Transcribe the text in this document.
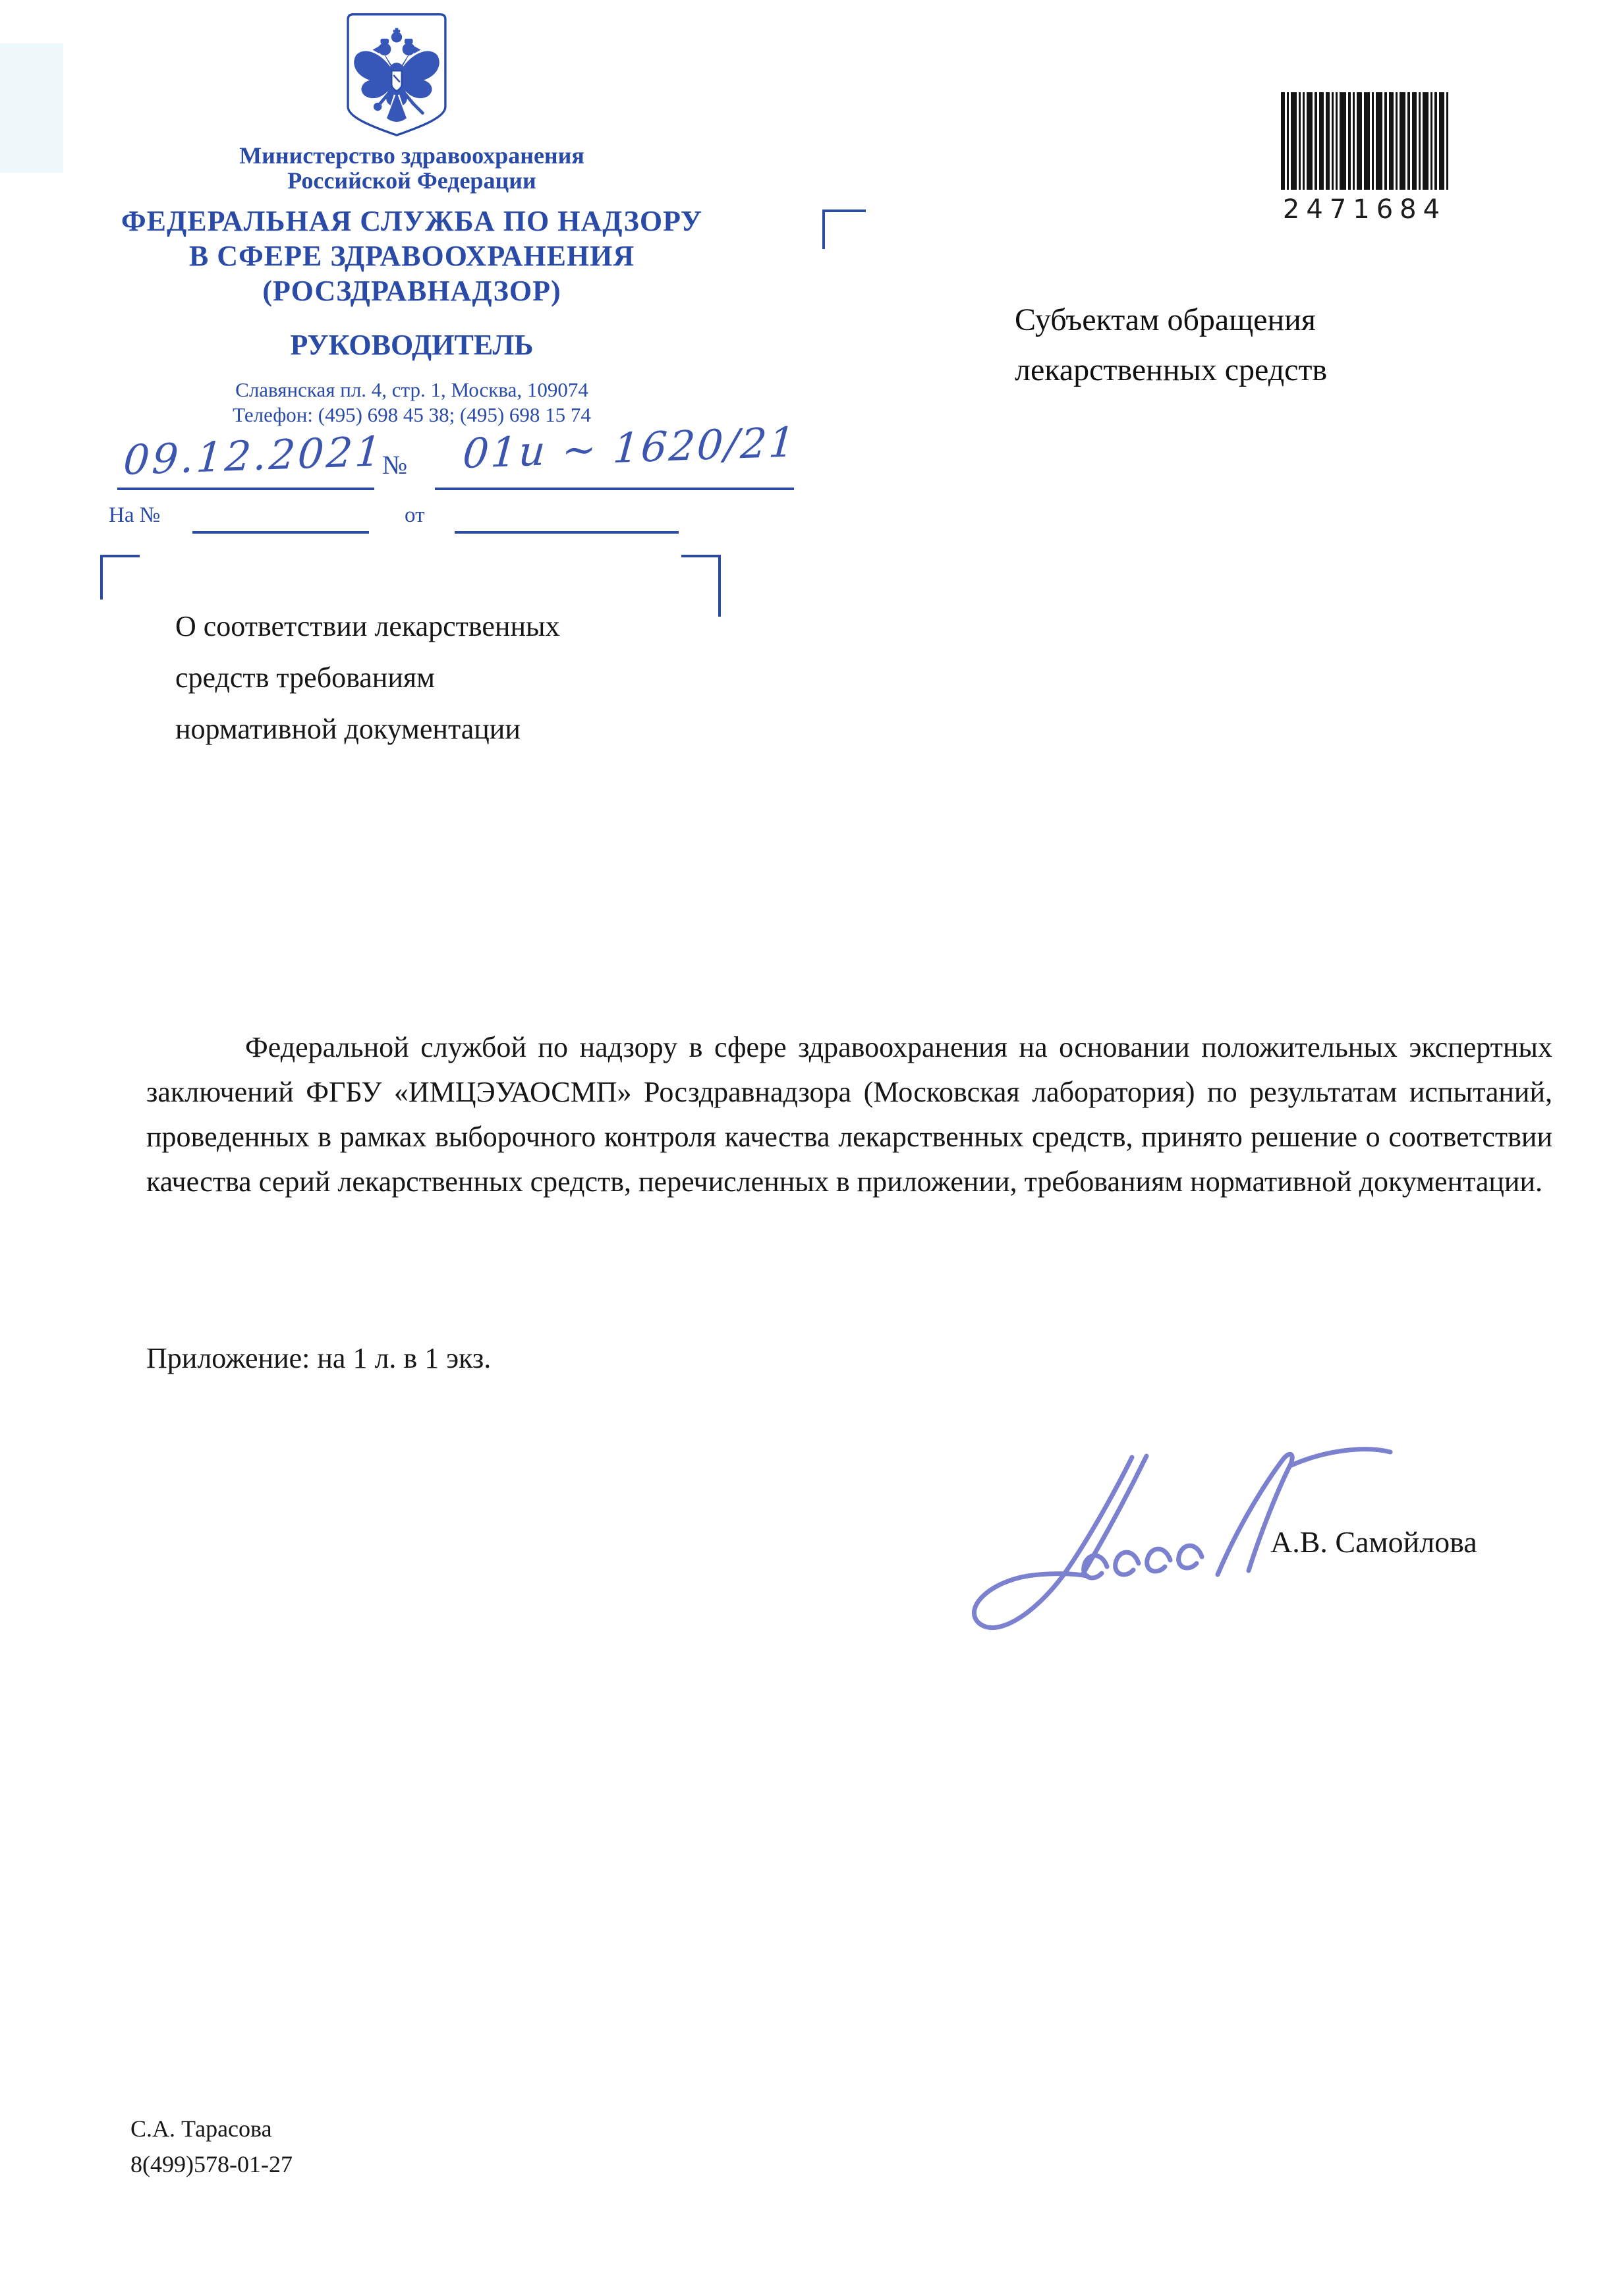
Министерство здравоохранения
Российской Федерации
ФЕДЕРАЛЬНАЯ СЛУЖБА ПО НАДЗОРУ
В СФЕРЕ ЗДРАВООХРАНЕНИЯ
(РОСЗДРАВНАДЗОР)
РУКОВОДИТЕЛЬ
Славянская пл. 4, стр. 1, Москва, 109074
Телефон: (495) 698 45 38; (495) 698 15 74
09.12.2021
№ 01и ~ 1620/21
На №	от
2471684
Субъектам обращения
лекарственных средств
О соответствии лекарственных
средств требованиям
нормативной документации
Федеральной службой по надзору в сфере здравоохранения на основании положительных экспертных заключений ФГБУ «ИМЦЭУАОСМП» Росздравнадзора (Московская лаборатория) по результатам испытаний, проведенных в рамках выборочного контроля качества лекарственных средств, принято решение о соответствии качества серий лекарственных средств, перечисленных в приложении, требованиям нормативной документации.
Приложение: на 1 л. в 1 экз.
А.В. Самойлова
С.А. Тарасова
8(499)578-01-27
